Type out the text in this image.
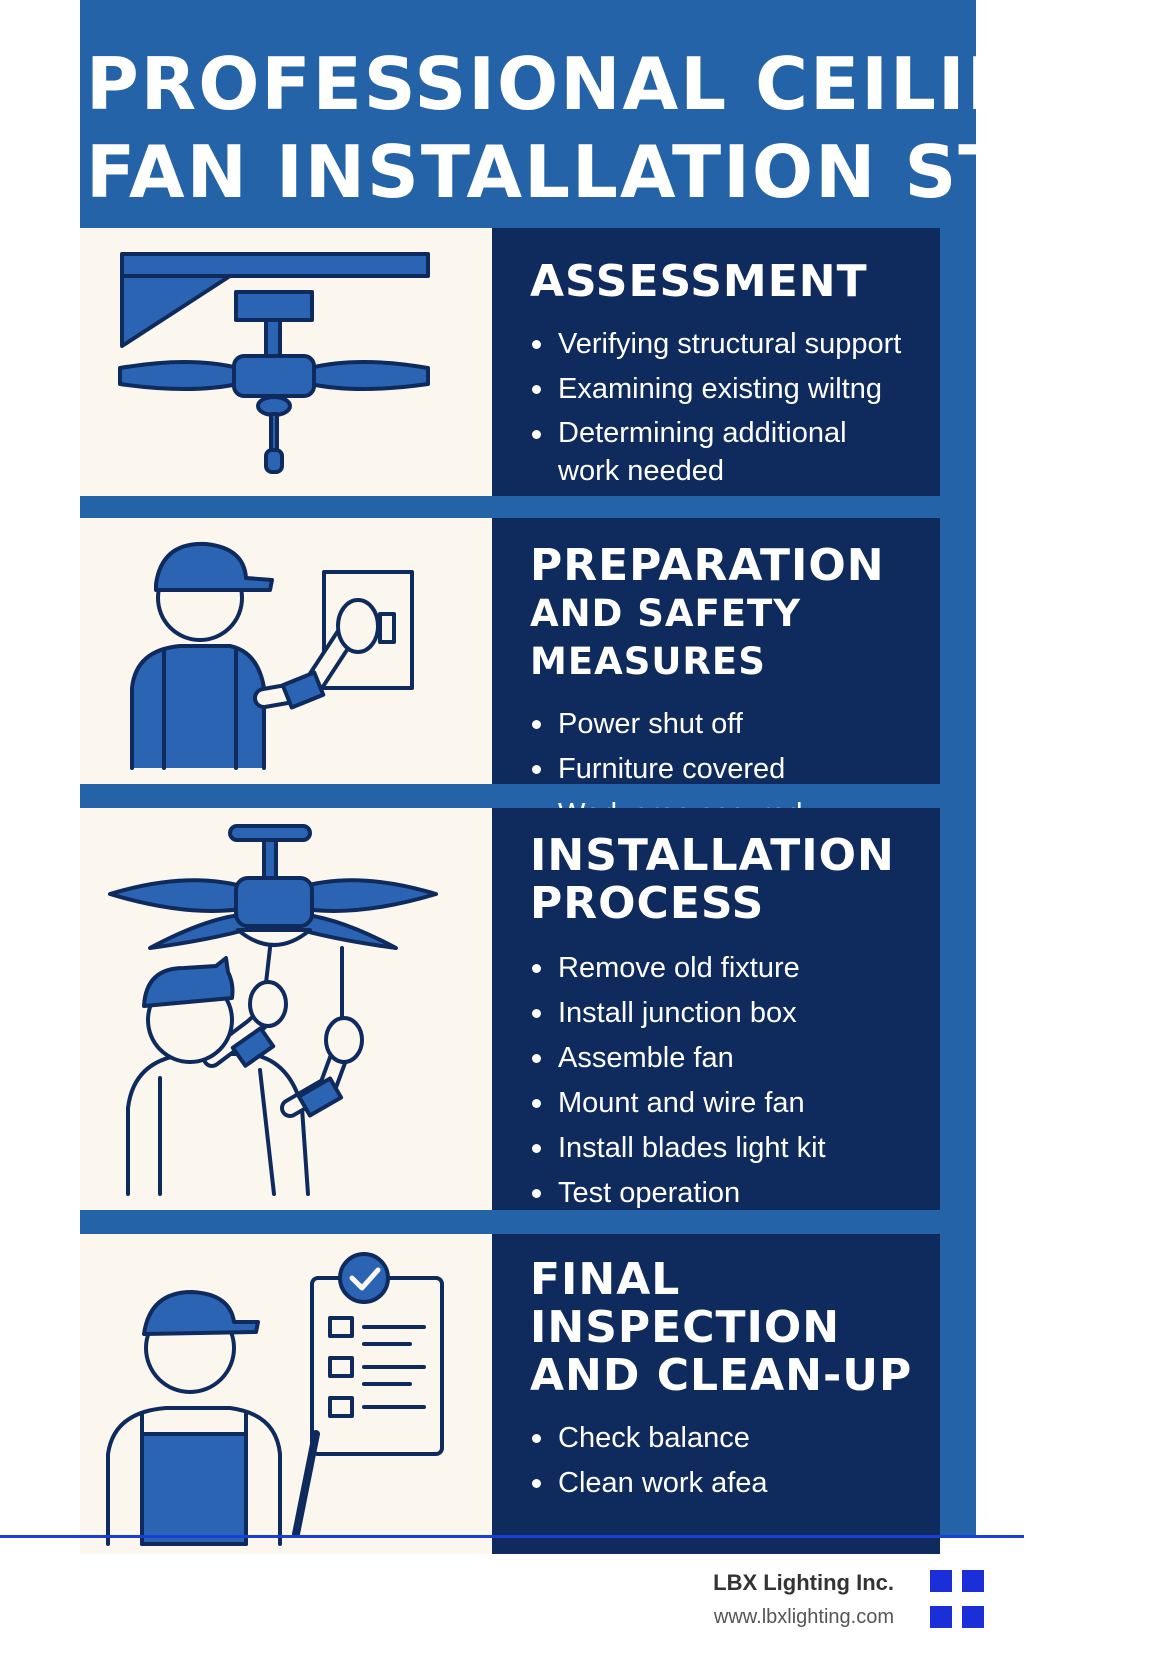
PROFESSIONAL CEILING
FAN INSTALLATION STEPS
ASSESSMENT
Verifying structural support
Examining existing wiltng
Determining additional work needed
PREPARATION
AND SAFETY MEASURES
Power shut off
Furniture covered
INSTALLATION
PROCESS
Remove old fixture
Install junction box
Assemble fan
Mount and wire fan
Install blades light kit
Test operation
FINAL INSPECTION
AND CLEAN-UP
Check balance
Clean work afea
LBX Lighting Inc.
www.lbxlighting.com
